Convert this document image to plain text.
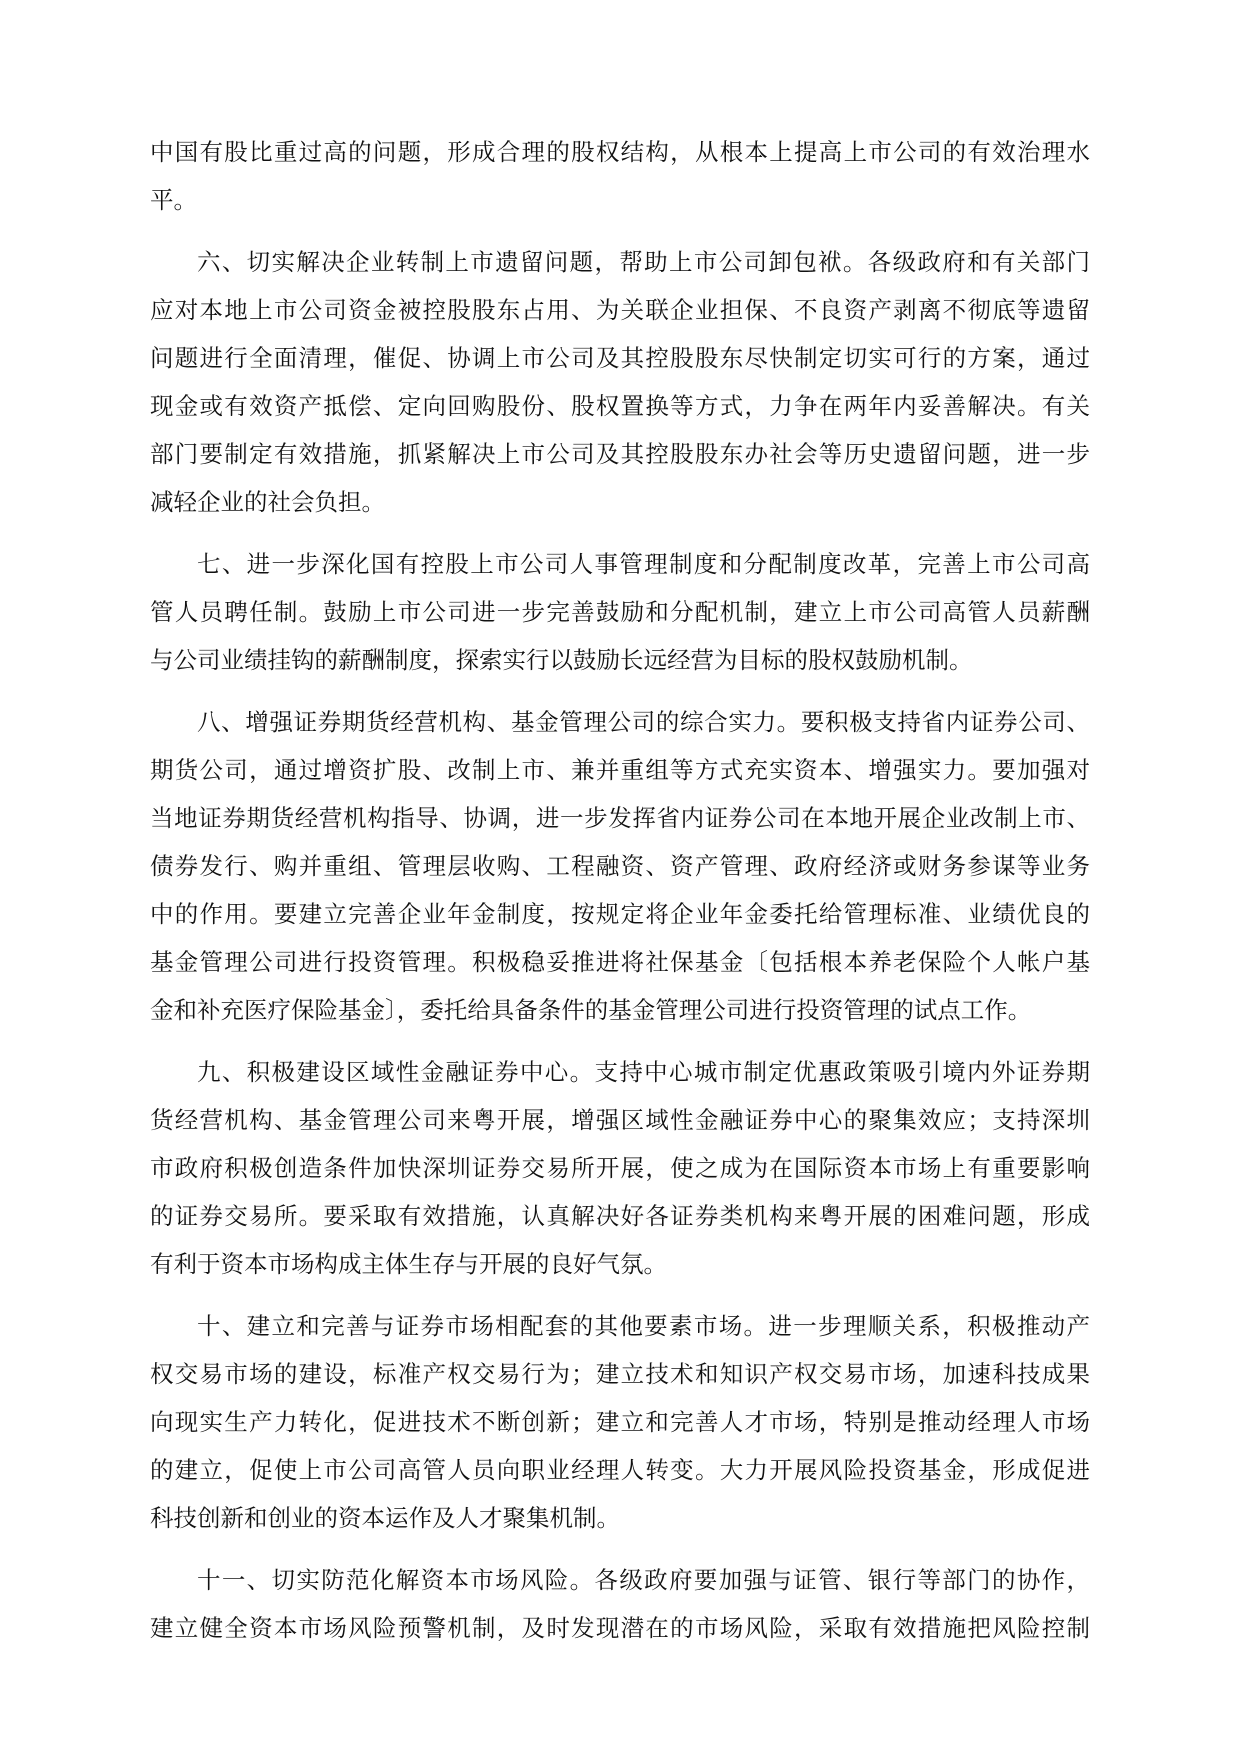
中国有股比重过高的问题，形成合理的股权结构，从根本上提高上市公司的有效治理水
平。
六、切实解决企业转制上市遗留问题，帮助上市公司卸包袱。各级政府和有关部门
应对本地上市公司资金被控股股东占用、为关联企业担保、不良资产剥离不彻底等遗留
问题进行全面清理，催促、协调上市公司及其控股股东尽快制定切实可行的方案，通过
现金或有效资产抵偿、定向回购股份、股权置换等方式，力争在两年内妥善解决。有关
部门要制定有效措施，抓紧解决上市公司及其控股股东办社会等历史遗留问题，进一步
减轻企业的社会负担。
七、进一步深化国有控股上市公司人事管理制度和分配制度改革，完善上市公司高
管人员聘任制。鼓励上市公司进一步完善鼓励和分配机制，建立上市公司高管人员薪酬
与公司业绩挂钩的薪酬制度，探索实行以鼓励长远经营为目标的股权鼓励机制。
八、增强证券期货经营机构、基金管理公司的综合实力。要积极支持省内证券公司、
期货公司，通过增资扩股、改制上市、兼并重组等方式充实资本、增强实力。要加强对
当地证券期货经营机构指导、协调，进一步发挥省内证券公司在本地开展企业改制上市、
债券发行、购并重组、管理层收购、工程融资、资产管理、政府经济或财务参谋等业务
中的作用。要建立完善企业年金制度，按规定将企业年金委托给管理标准、业绩优良的
基金管理公司进行投资管理。积极稳妥推进将社保基金〔包括根本养老保险个人帐户基
金和补充医疗保险基金〕，委托给具备条件的基金管理公司进行投资管理的试点工作。
九、积极建设区域性金融证券中心。支持中心城市制定优惠政策吸引境内外证券期
货经营机构、基金管理公司来粤开展，增强区域性金融证券中心的聚集效应；支持深圳
市政府积极创造条件加快深圳证券交易所开展，使之成为在国际资本市场上有重要影响
的证券交易所。要采取有效措施，认真解决好各证券类机构来粤开展的困难问题，形成
有利于资本市场构成主体生存与开展的良好气氛。
十、建立和完善与证券市场相配套的其他要素市场。进一步理顺关系，积极推动产
权交易市场的建设，标准产权交易行为；建立技术和知识产权交易市场，加速科技成果
向现实生产力转化，促进技术不断创新；建立和完善人才市场，特别是推动经理人市场
的建立，促使上市公司高管人员向职业经理人转变。大力开展风险投资基金，形成促进
科技创新和创业的资本运作及人才聚集机制。
十一、切实防范化解资本市场风险。各级政府要加强与证管、银行等部门的协作，
建立健全资本市场风险预警机制，及时发现潜在的市场风险，采取有效措施把风险控制
